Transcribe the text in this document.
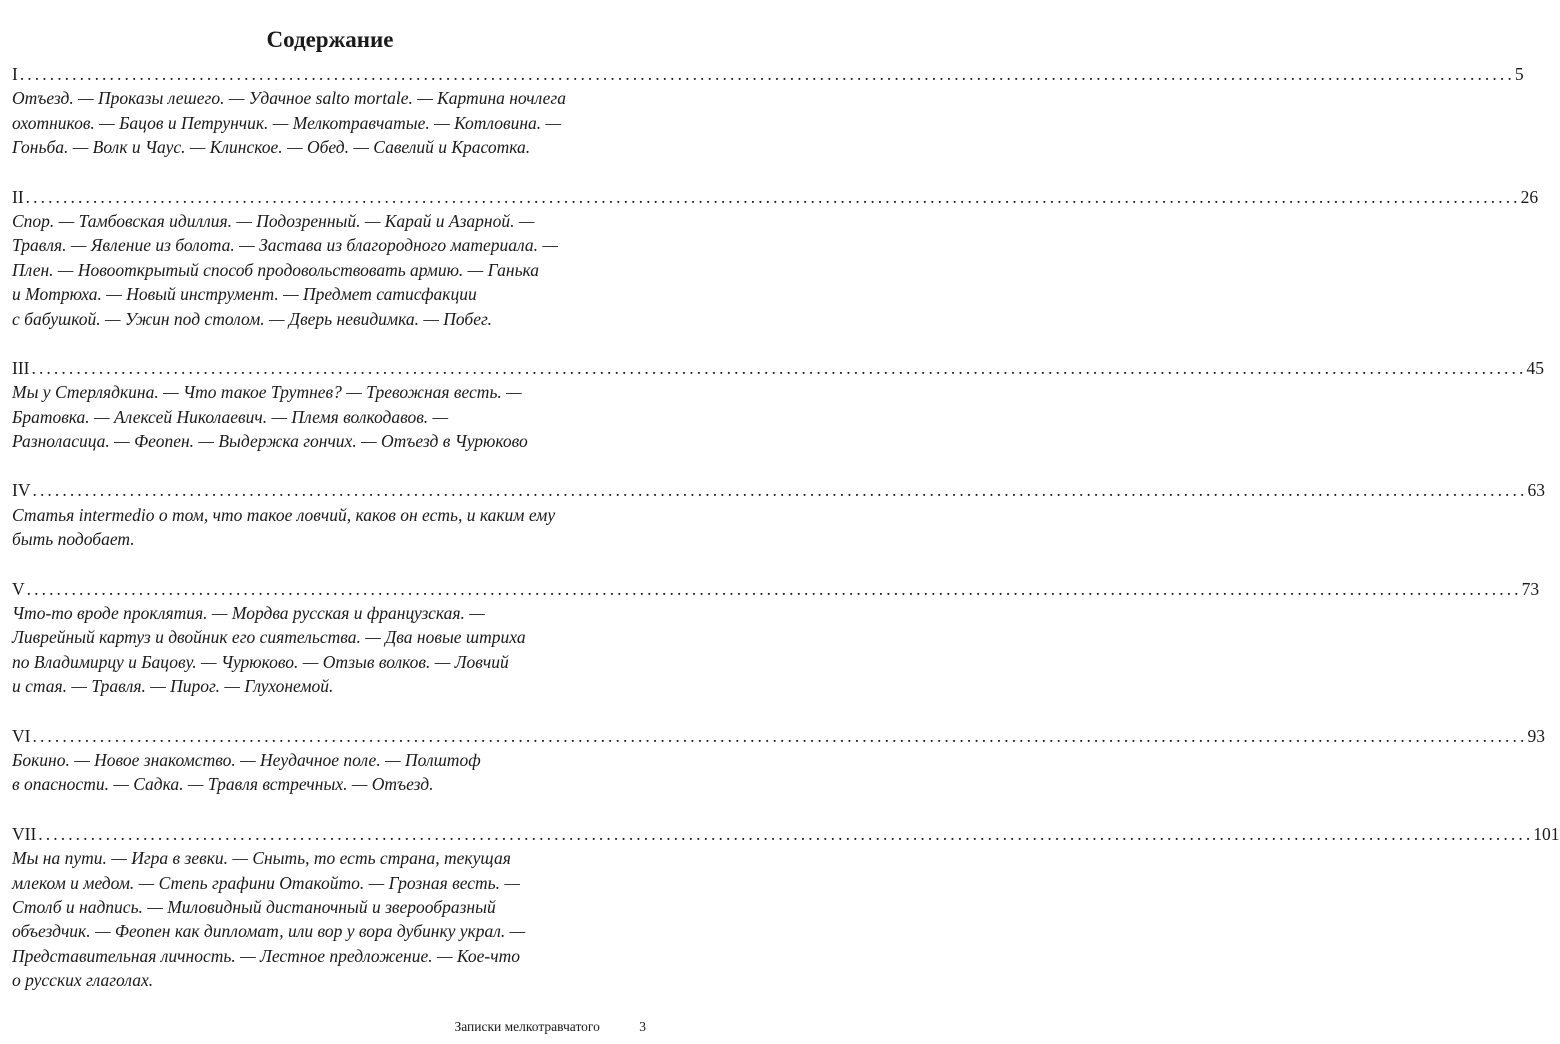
Содержание
I ........................................................................................................................................................................................................ 5
Отъезд. — Проказы лешего. — Удачное salto mortale. — Картина ночлега
охотников. — Бацов и Петрунчик. — Мелкотравчатые. — Котловина. —
Гоньба. — Волк и Чаус. — Клинское. — Обед. — Савелий и Красотка.
II ........................................................................................................................................................................................................ 26
Спор. — Тамбовская идиллия. — Подозренный. — Карай и Азарной. —
Травля. — Явление из болота. — Застава из благородного материала. —
Плен. — Новооткрытый способ продовольствовать армию. — Ганька
и Мотрюха. — Новый инструмент. — Предмет сатисфакции
с бабушкой. — Ужин под столом. — Дверь невидимка. — Побег.
III ........................................................................................................................................................................................................ 45
Мы у Стерлядкина. — Что такое Трутнев? — Тревожная весть. —
Братовка. — Алексей Николаевич. — Племя волкодавов. —
Разноласица. — Феопен. — Выдержка гончих. — Отъезд в Чурюково
IV ........................................................................................................................................................................................................ 63
Статья intermedio о том, что такое ловчий, каков он есть, и каким ему
быть подобает.
V ........................................................................................................................................................................................................ 73
Что-то вроде проклятия. — Мордва русская и французская. —
Ливрейный картуз и двойник его сиятельства. — Два новые штриха
по Владимирцу и Бацову. — Чурюково. — Отзыв волков. — Ловчий
и стая. — Травля. — Пирог. — Глухонемой.
VI ........................................................................................................................................................................................................ 93
Бокино. — Новое знакомство. — Неудачное поле. — Полштоф
в опасности. — Садка. — Травля встречных. — Отъезд.
VII ........................................................................................................................................................................................................ 101
Мы на пути. — Игра в зевки. — Сныть, то есть страна, текущая
млеком и медом. — Степь графини Отакойто. — Грозная весть. —
Столб и надпись. — Миловидный дистаночный и зверообразный
объездчик. — Феопен как дипломат, или вор у вора дубинку украл. —
Представительная личность. — Лестное предложение. — Кое-что
о русских глаголах.
Записки мелкотравчатого	3
